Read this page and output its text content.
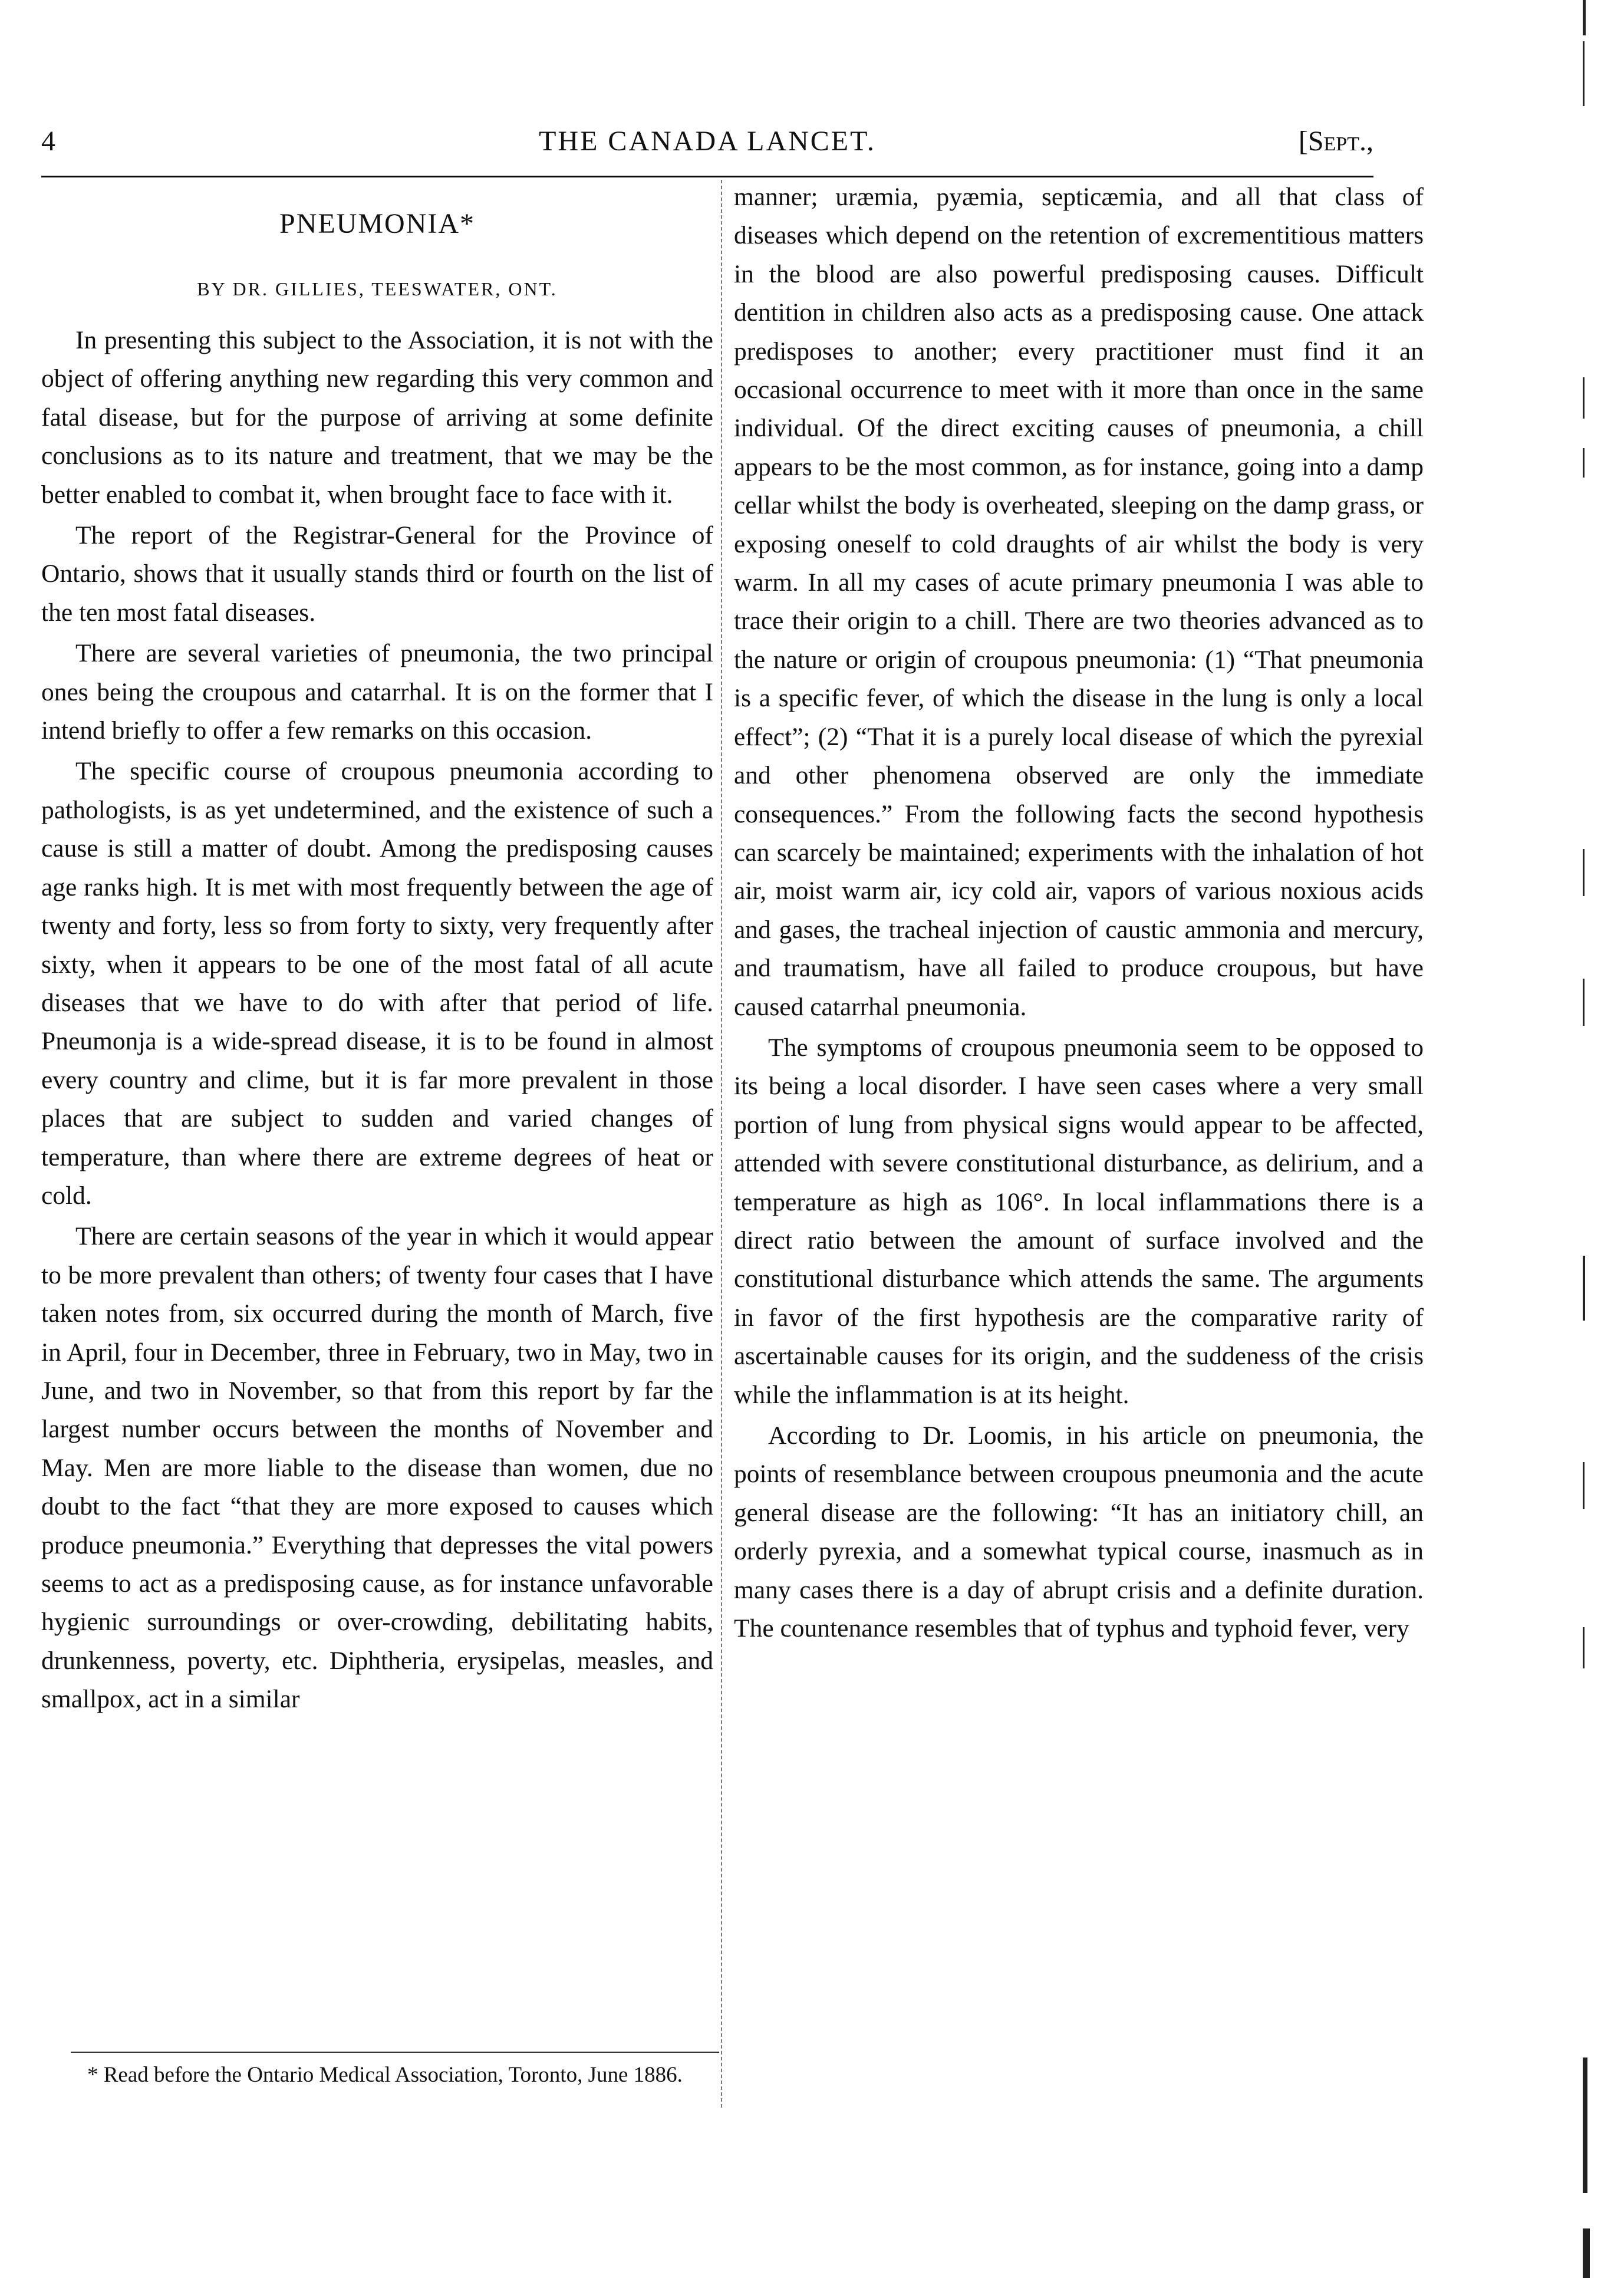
4	THE CANADA LANCET.	[Sept.,
PNEUMONIA*
BY DR. GILLIES, TEESWATER, ONT.

In presenting this subject to the Association, it is not with the object of offering anything new regarding this very common and fatal disease, but for the purpose of arriving at some definite conclusions as to its nature and treatment, that we may be the better enabled to combat it, when brought face to face with it.

The report of the Registrar-General for the Province of Ontario, shows that it usually stands third or fourth on the list of the ten most fatal diseases.

There are several varieties of pneumonia, the two principal ones being the croupous and catarrhal. It is on the former that I intend briefly to offer a few remarks on this occasion.

The specific course of croupous pneumonia according to pathologists, is as yet undetermined, and the existence of such a cause is still a matter of doubt. Among the predisposing causes age ranks high. It is met with most frequently between the age of twenty and forty, less so from forty to sixty, very frequently after sixty, when it appears to be one of the most fatal of all acute diseases that we have to do with after that period of life. Pneumonja is a wide-spread disease, it is to be found in almost every country and clime, but it is far more prevalent in those places that are subject to sudden and varied changes of temperature, than where there are extreme degrees of heat or cold.

There are certain seasons of the year in which it would appear to be more prevalent than others; of twenty four cases that I have taken notes from, six occurred during the month of March, five in April, four in December, three in February, two in May, two in June, and two in November, so that from this report by far the largest number occurs between the months of November and May. Men are more liable to the disease than women, due no doubt to the fact “that they are more exposed to causes which produce pneumonia.” Everything that depresses the vital powers seems to act as a predisposing cause, as for instance unfavorable hygienic surroundings or over-crowding, debilitating habits, drunkenness, poverty, etc. Diphtheria, erysipelas, measles, and smallpox, act in a similar

manner; uræmia, pyæmia, septicæmia, and all that class of diseases which depend on the retention of excrementitious matters in the blood are also powerful predisposing causes. Difficult dentition in children also acts as a predisposing cause. One attack predisposes to another; every practitioner must find it an occasional occurrence to meet with it more than once in the same individual. Of the direct exciting causes of pneumonia, a chill appears to be the most common, as for instance, going into a damp cellar whilst the body is overheated, sleeping on the damp grass, or exposing oneself to cold draughts of air whilst the body is very warm. In all my cases of acute primary pneumonia I was able to trace their origin to a chill. There are two theories advanced as to the nature or origin of croupous pneumonia: (1) “That pneumonia is a specific fever, of which the disease in the lung is only a local effect”; (2) “That it is a purely local disease of which the pyrexial and other phenomena observed are only the immediate consequences.” From the following facts the second hypothesis can scarcely be maintained; experiments with the inhalation of hot air, moist warm air, icy cold air, vapors of various noxious acids and gases, the tracheal injection of caustic ammonia and mercury, and traumatism, have all failed to produce croupous, but have caused catarrhal pneumonia.

The symptoms of croupous pneumonia seem to be opposed to its being a local disorder. I have seen cases where a very small portion of lung from physical signs would appear to be affected, attended with severe constitutional disturbance, as delirium, and a temperature as high as 106°. In local inflammations there is a direct ratio between the amount of surface involved and the constitutional disturbance which attends the same. The arguments in favor of the first hypothesis are the comparative rarity of ascertainable causes for its origin, and the suddeness of the crisis while the inflammation is at its height.

According to Dr. Loomis, in his article on pneumonia, the points of resemblance between croupous pneumonia and the acute general disease are the following: “It has an initiatory chill, an orderly pyrexia, and a somewhat typical course, inasmuch as in many cases there is a day of abrupt crisis and a definite duration. The countenance resembles that of typhus and typhoid fever, very

* Read before the Ontario Medical Association, Toronto, June 1886.
